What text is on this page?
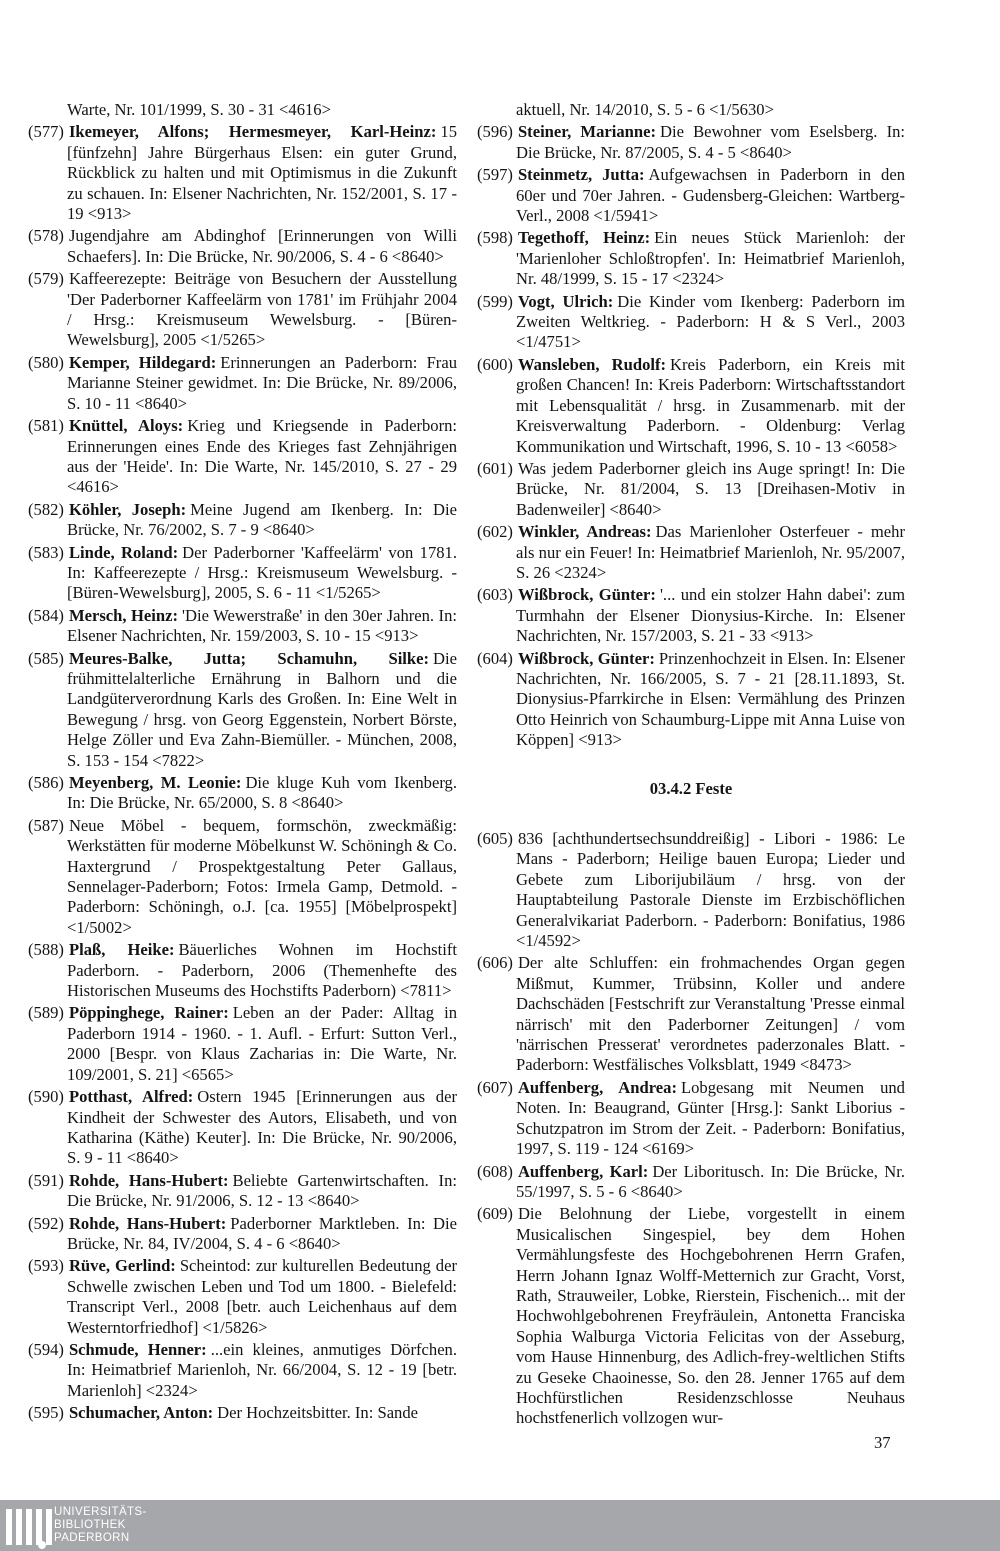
Warte, Nr. 101/1999, S. 30 - 31 <4616>
(577) Ikemeyer, Alfons; Hermesmeyer, Karl-Heinz: 15 [fünfzehn] Jahre Bürgerhaus Elsen: ein guter Grund, Rückblick zu halten und mit Optimismus in die Zukunft zu schauen. In: Elsener Nachrichten, Nr. 152/2001, S. 17 - 19 <913>
(578) Jugendjahre am Abdinghof [Erinnerungen von Willi Schaefers]. In: Die Brücke, Nr. 90/2006, S. 4 - 6 <8640>
(579) Kaffeerezepte: Beiträge von Besuchern der Ausstellung 'Der Paderborner Kaffeelärm von 1781' im Frühjahr 2004 / Hrsg.: Kreismuseum Wewelsburg. - [Büren-Wewelsburg], 2005 <1/5265>
(580) Kemper, Hildegard: Erinnerungen an Paderborn: Frau Marianne Steiner gewidmet. In: Die Brücke, Nr. 89/2006, S. 10 - 11 <8640>
(581) Knüttel, Aloys: Krieg und Kriegsende in Paderborn: Erinnerungen eines Ende des Krieges fast Zehnjährigen aus der 'Heide'. In: Die Warte, Nr. 145/2010, S. 27 - 29 <4616>
(582) Köhler, Joseph: Meine Jugend am Ikenberg. In: Die Brücke, Nr. 76/2002, S. 7 - 9 <8640>
(583) Linde, Roland: Der Paderborner 'Kaffeelärm' von 1781. In: Kaffeerezepte / Hrsg.: Kreismuseum Wewelsburg. - [Büren-Wewelsburg], 2005, S. 6 - 11 <1/5265>
(584) Mersch, Heinz: 'Die Wewerstraße' in den 30er Jahren. In: Elsener Nachrichten, Nr. 159/2003, S. 10 - 15 <913>
(585) Meures-Balke, Jutta; Schamuhn, Silke: Die frühmittelalterliche Ernährung in Balhorn und die Landgüterverordnung Karls des Großen. In: Eine Welt in Bewegung / hrsg. von Georg Eggenstein, Norbert Börste, Helge Zöller und Eva Zahn-Biemüller. - München, 2008, S. 153 - 154 <7822>
(586) Meyenberg, M. Leonie: Die kluge Kuh vom Ikenberg. In: Die Brücke, Nr. 65/2000, S. 8 <8640>
(587) Neue Möbel - bequem, formschön, zweckmäßig: Werkstätten für moderne Möbelkunst W. Schöningh & Co. Haxtergrund / Prospektgestaltung Peter Gallaus, Sennelager-Paderborn; Fotos: Irmela Gamp, Detmold. - Paderborn: Schöningh, o.J. [ca. 1955] [Möbelprospekt] <1/5002>
(588) Plaß, Heike: Bäuerliches Wohnen im Hochstift Paderborn. - Paderborn, 2006 (Themenhefte des Historischen Museums des Hochstifts Paderborn) <7811>
(589) Pöppinghege, Rainer: Leben an der Pader: Alltag in Paderborn 1914 - 1960. - 1. Aufl. - Erfurt: Sutton Verl., 2000 [Bespr. von Klaus Zacharias in: Die Warte, Nr. 109/2001, S. 21] <6565>
(590) Potthast, Alfred: Ostern 1945 [Erinnerungen aus der Kindheit der Schwester des Autors, Elisabeth, und von Katharina (Käthe) Keuter]. In: Die Brücke, Nr. 90/2006, S. 9 - 11 <8640>
(591) Rohde, Hans-Hubert: Beliebte Gartenwirtschaften. In: Die Brücke, Nr. 91/2006, S. 12 - 13 <8640>
(592) Rohde, Hans-Hubert: Paderborner Marktleben. In: Die Brücke, Nr. 84, IV/2004, S. 4 - 6 <8640>
(593) Rüve, Gerlind: Scheintod: zur kulturellen Bedeutung der Schwelle zwischen Leben und Tod um 1800. - Bielefeld: Transcript Verl., 2008 [betr. auch Leichenhaus auf dem Westerntorfriedhof] <1/5826>
(594) Schmude, Henner: ...ein kleines, anmutiges Dörfchen. In: Heimatbrief Marienloh, Nr. 66/2004, S. 12 - 19 [betr. Marienloh] <2324>
(595) Schumacher, Anton: Der Hochzeitsbitter. In: Sande
aktuell, Nr. 14/2010, S. 5 - 6 <1/5630>
(596) Steiner, Marianne: Die Bewohner vom Eselsberg. In: Die Brücke, Nr. 87/2005, S. 4 - 5 <8640>
(597) Steinmetz, Jutta: Aufgewachsen in Paderborn in den 60er und 70er Jahren. - Gudensberg-Gleichen: Wartberg-Verl., 2008 <1/5941>
(598) Tegethoff, Heinz: Ein neues Stück Marienloh: der 'Marienloher Schloßtropfen'. In: Heimatbrief Marienloh, Nr. 48/1999, S. 15 - 17 <2324>
(599) Vogt, Ulrich: Die Kinder vom Ikenberg: Paderborn im Zweiten Weltkrieg. - Paderborn: H & S Verl., 2003 <1/4751>
(600) Wansleben, Rudolf: Kreis Paderborn, ein Kreis mit großen Chancen! In: Kreis Paderborn: Wirtschaftsstandort mit Lebensqualität / hrsg. in Zusammenarb. mit der Kreisverwaltung Paderborn. - Oldenburg: Verlag Kommunikation und Wirtschaft, 1996, S. 10 - 13 <6058>
(601) Was jedem Paderborner gleich ins Auge springt! In: Die Brücke, Nr. 81/2004, S. 13 [Dreihasen-Motiv in Badenweiler] <8640>
(602) Winkler, Andreas: Das Marienloher Osterfeuer - mehr als nur ein Feuer! In: Heimatbrief Marienloh, Nr. 95/2007, S. 26 <2324>
(603) Wißbrock, Günter: '... und ein stolzer Hahn dabei': zum Turmhahn der Elsener Dionysius-Kirche. In: Elsener Nachrichten, Nr. 157/2003, S. 21 - 33 <913>
(604) Wißbrock, Günter: Prinzenhochzeit in Elsen. In: Elsener Nachrichten, Nr. 166/2005, S. 7 - 21 [28.11.1893, St. Dionysius-Pfarrkirche in Elsen: Vermählung des Prinzen Otto Heinrich von Schaumburg-Lippe mit Anna Luise von Köppen] <913>
03.4.2 Feste
(605) 836 [achthundertsechsunddreißig] - Libori - 1986: Le Mans - Paderborn; Heilige bauen Europa; Lieder und Gebete zum Liborijubiläum / hrsg. von der Hauptabteilung Pastorale Dienste im Erzbischöflichen Generalvikariat Paderborn. - Paderborn: Bonifatius, 1986 <1/4592>
(606) Der alte Schluffen: ein frohmachendes Organ gegen Mißmut, Kummer, Trübsinn, Koller und andere Dachschäden [Festschrift zur Veranstaltung 'Presse einmal närrisch' mit den Paderborner Zeitungen] / vom 'närrischen Presserat' verordnetes paderzonales Blatt. - Paderborn: Westfälisches Volksblatt, 1949 <8473>
(607) Auffenberg, Andrea: Lobgesang mit Neumen und Noten. In: Beaugrand, Günter [Hrsg.]: Sankt Liborius - Schutzpatron im Strom der Zeit. - Paderborn: Bonifatius, 1997, S. 119 - 124 <6169>
(608) Auffenberg, Karl: Der Liboritusch. In: Die Brücke, Nr. 55/1997, S. 5 - 6 <8640>
(609) Die Belohnung der Liebe, vorgestellt in einem Musicalischen Singespiel, bey dem Hohen Vermählungsfeste des Hochgebohrenen Herrn Grafen, Herrn Johann Ignaz Wolff-Metternich zur Gracht, Vorst, Rath, Strauweiler, Lobke, Rierstein, Fischenich... mit der Hochwohlgebohrenen Freyfräulein, Antonetta Franciska Sophia Walburga Victoria Felicitas von der Asseburg, vom Hause Hinnenburg, des Adlich-frey-weltlichen Stifts zu Geseke Chaoinesse, So. den 28. Jenner 1765 auf dem Hochfürstlichen Residenzschlosse Neuhaus hochstfenerlich vollzogen wur-
37
UNIVERSITÄTS-
BIBLIOTHEK
PADERBORN
